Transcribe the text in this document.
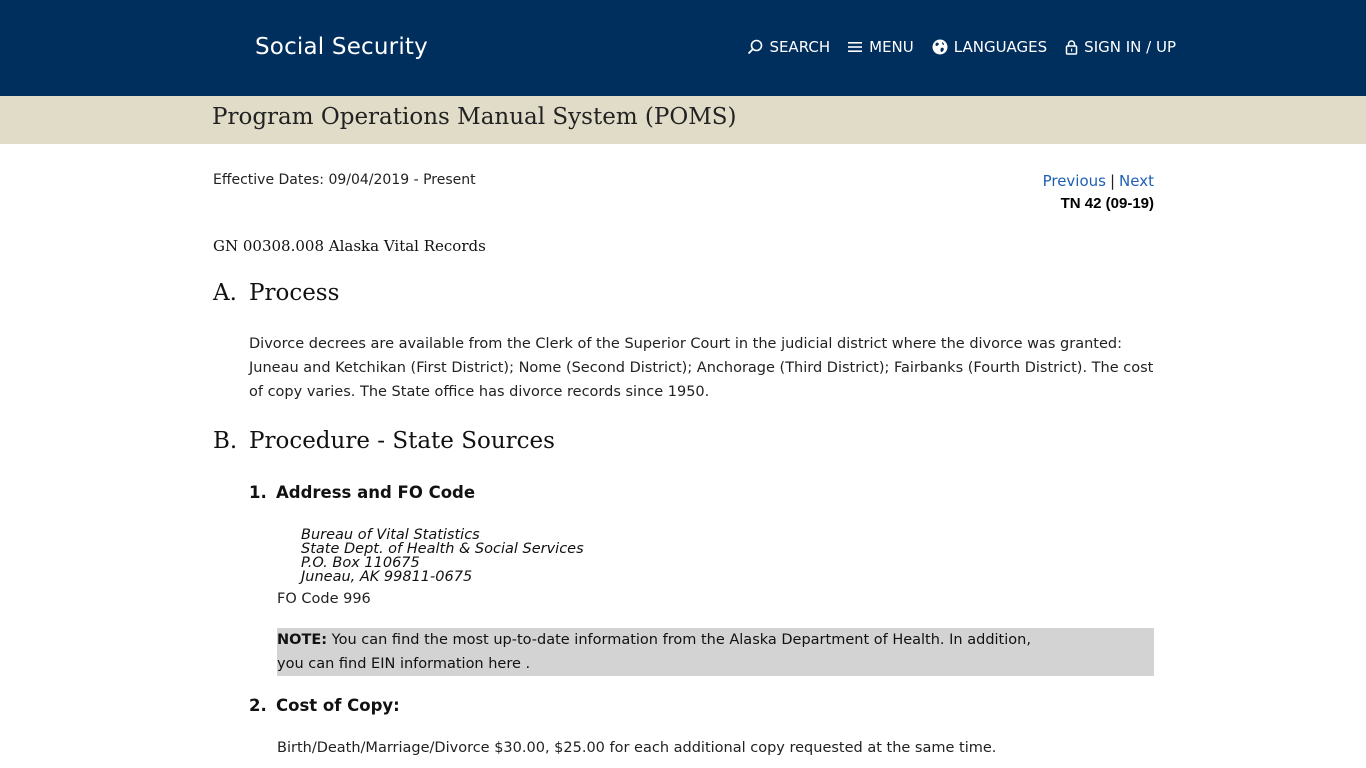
Social Security	SEARCH	MENU	LANGUAGES SIGN IN / UP
Program Operations Manual System (POMS)
Effective Dates: 09/04/2019 - Present	Previous | Next
TN 42 (09-19)
GN 00308.008 Alaska Vital Records
A. Process
Divorce decrees are available from the Clerk of the Superior Court in the judicial district where the divorce was granted: Juneau and Ketchikan (First District); Nome (Second District); Anchorage (Third District); Fairbanks (Fourth District). The cost of copy varies. The State office has divorce records since 1950.
B. Procedure - State Sources
1. Address and FO Code
Bureau of Vital Statistics
State Dept. of Health & Social Services
P.O. Box 110675
Juneau, AK 99811-0675
FO Code 996
NOTE: You can find the most up-to-date information from the Alaska Department of Health. In addition,
you can find EIN information here .
2. Cost of Copy:
Birth/Death/Marriage/Divorce $30.00, $25.00 for each additional copy requested at the same time.
